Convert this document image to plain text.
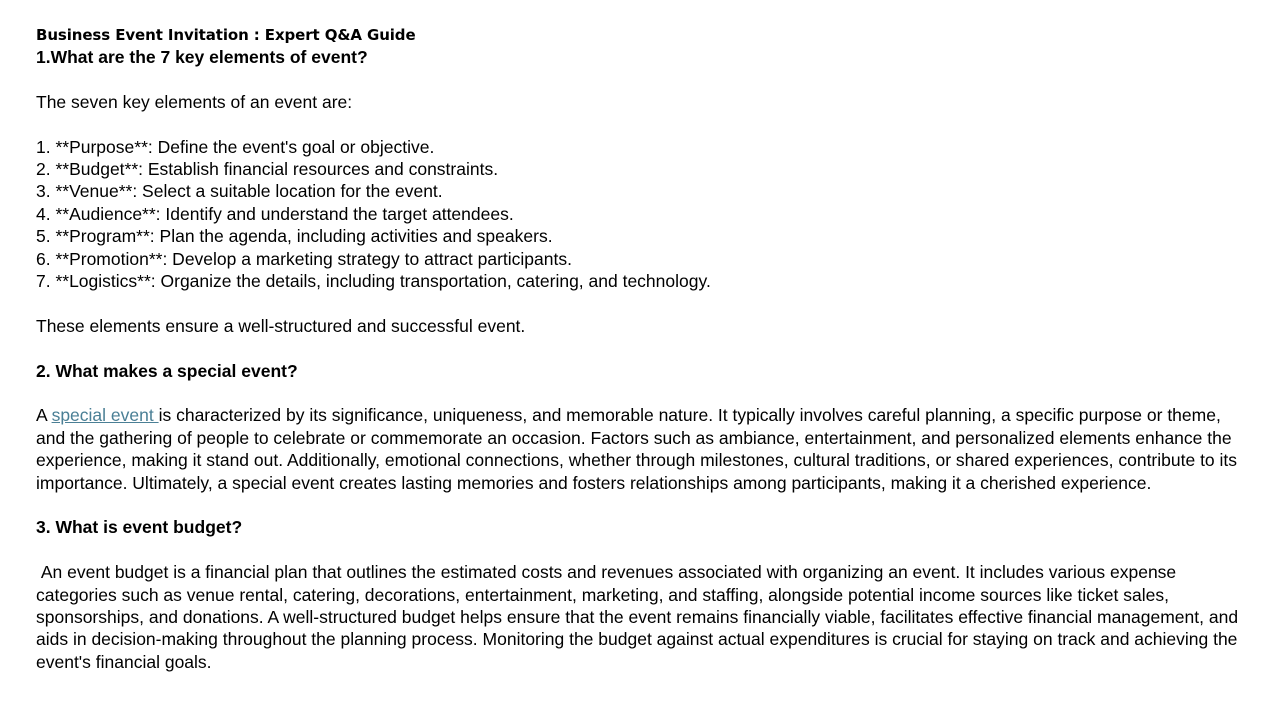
Business Event Invitation : Expert Q&A Guide
1.What are the 7 key elements of event?

The seven key elements of an event are:

1. **Purpose**: Define the event's goal or objective.
2. **Budget**: Establish financial resources and constraints.
3. **Venue**: Select a suitable location for the event.
4. **Audience**: Identify and understand the target attendees.
5. **Program**: Plan the agenda, including activities and speakers.
6. **Promotion**: Develop a marketing strategy to attract participants.
7. **Logistics**: Organize the details, including transportation, catering, and technology.

These elements ensure a well-structured and successful event.

2. What makes a special event?

A special event is characterized by its significance, uniqueness, and memorable nature. It typically involves careful planning, a specific purpose or theme, and the gathering of people to celebrate or commemorate an occasion. Factors such as ambiance, entertainment, and personalized elements enhance the experience, making it stand out. Additionally, emotional connections, whether through milestones, cultural traditions, or shared experiences, contribute to its importance. Ultimately, a special event creates lasting memories and fosters relationships among participants, making it a cherished experience.

3. What is event budget?

An event budget is a financial plan that outlines the estimated costs and revenues associated with organizing an event. It includes various expense categories such as venue rental, catering, decorations, entertainment, marketing, and staffing, alongside potential income sources like ticket sales, sponsorships, and donations. A well-structured budget helps ensure that the event remains financially viable, facilitates effective financial management, and aids in decision-making throughout the planning process. Monitoring the budget against actual expenditures is crucial for staying on track and achieving the event's financial goals.
